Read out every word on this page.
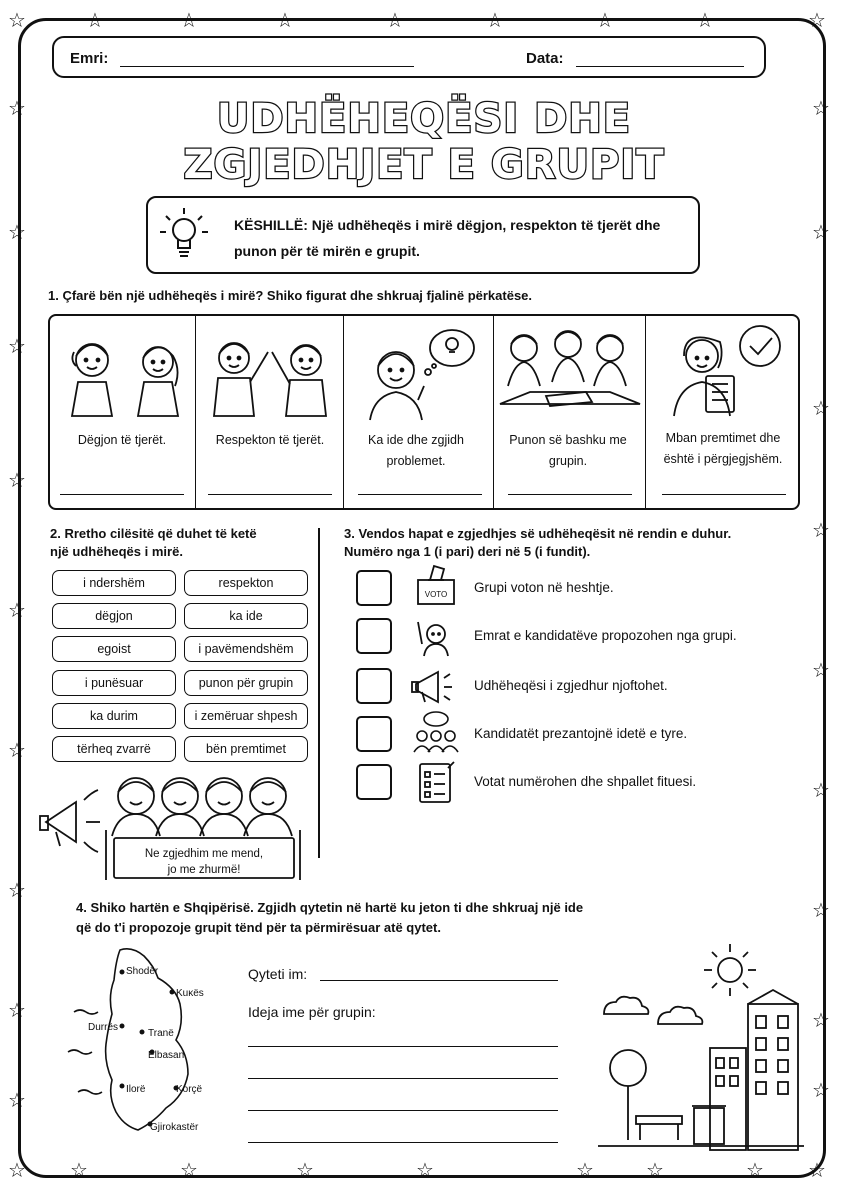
☆	☆	☆	☆	☆	☆	☆	☆	☆
☆ ☆	☆	☆	☆	☆	☆	☆ ☆
☆
☆
☆
☆
☆
☆
☆
☆
☆
☆
☆
☆
☆
☆
☆
☆
☆
☆
Emri:	Data:
UDHËHEQËSI DHE
ZGJEDHJET E GRUPIT
KËSHILLË: Një udhëheqës i mirë dëgjon, respekton të tjerët dhe punon për të mirën e grupit.
1. Çfarë bën një udhëheqës i mirë? Shiko figurat dhe shkruaj fjalinë përkatëse.
Dëgjon të tjerët.	Respekton të tjerët.	Ka ide dhe zgjidh problemet.
Punon së bashku me grupin.
Mban premtimet dhe është i përgjegjshëm.
2. Rretho cilësitë që duhet të ketë
një udhëheqës i mirë.
i ndershëm	respekton
dëgjon	ka ide
egoist	i pavëmendshëm
i punësuar	punon për grupin
ka durim	i zemëruar shpesh
tërheq zvarrë	bën premtimet
Ne zgjedhim me mend,
jo me zhurmë!
3. Vendos hapat e zgjedhjes së udhëheqësit në rendin e duhur.
Numëro nga 1 (i pari) deri në 5 (i fundit).
VOTO Grupi voton në heshtje.
Emrat e kandidatëve propozohen nga grupi.
Udhëheqësi i zgjedhur njoftohet.
Kandidatët prezantojnë idetë e tyre.
Votat numërohen dhe shpallet fituesi.
4. Shiko hartën e Shqipërisë. Zgjidh qytetin në hartë ku jeton ti dhe shkruaj një ide
që do t'i propozoje grupit tënd për ta përmirësuar atë qytet.
Shodër
Kuĸës
Durrës
Tranë
Elbasan
Ilorë	Korçë
Gjirokastër
Qyteti im:
Ideja ime për grupin:
